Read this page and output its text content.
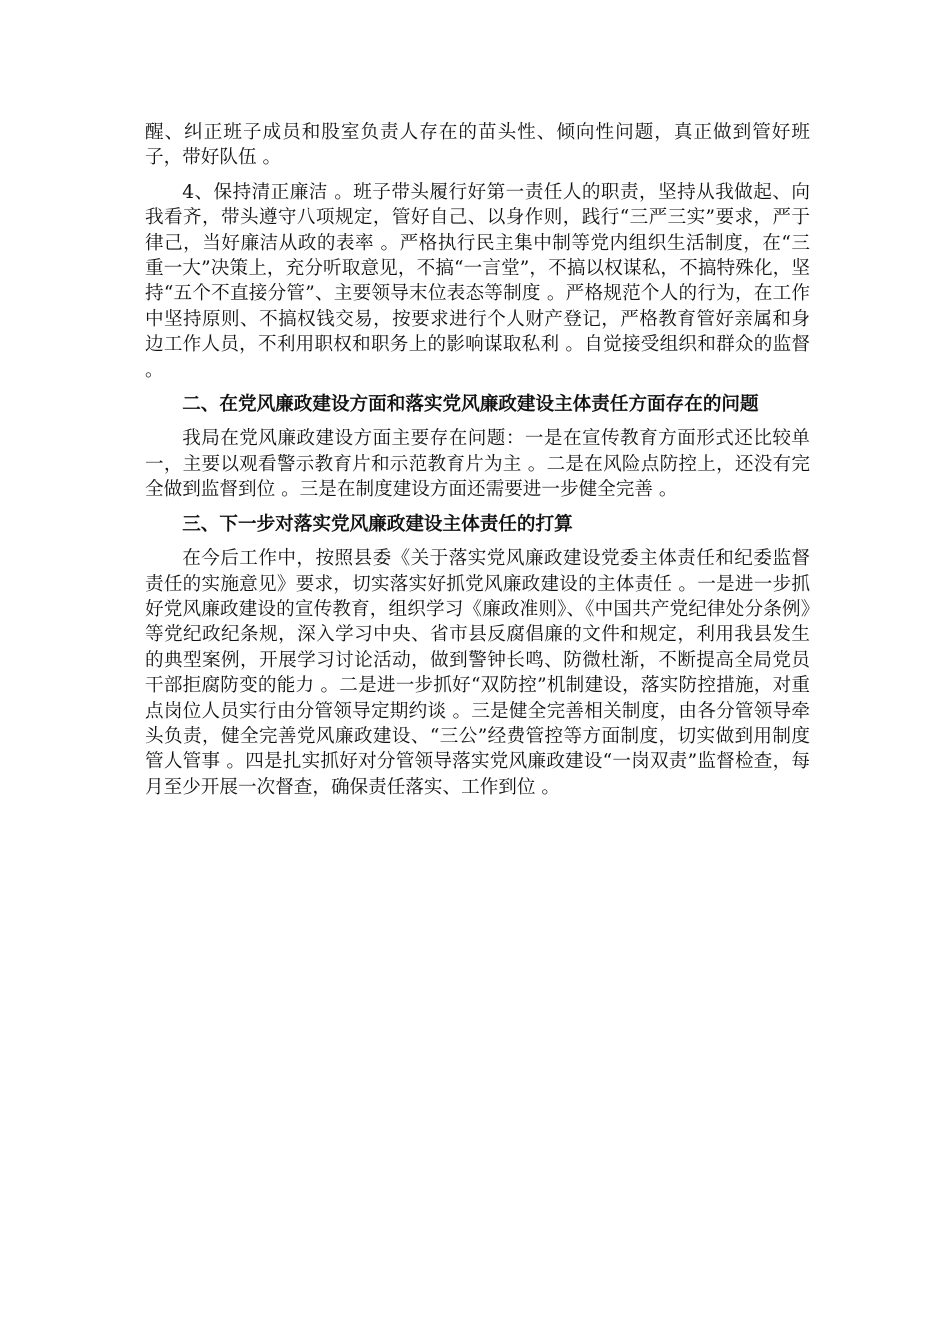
醒、纠正班子成员和股室负责人存在的苗头性、倾向性问题，真正做到管好班子，带好队伍 。

4、保持清正廉洁 。班子带头履行好第一责任人的职责，坚持从我做起、向我看齐，带头遵守八项规定，管好自己、以身作则，践行“三严三实”要求，严于律己，当好廉洁从政的表率 。严格执行民主集中制等党内组织生活制度，在“三重一大”决策上，充分听取意见，不搞“一言堂”，不搞以权谋私，不搞特殊化，坚持“五个不直接分管”、主要领导末位表态等制度 。严格规范个人的行为，在工作中坚持原则、不搞权钱交易，按要求进行个人财产登记，严格教育管好亲属和身边工作人员，不利用职权和职务上的影响谋取私利 。自觉接受组织和群众的监督 。

二、在党风廉政建设方面和落实党风廉政建设主体责任方面存在的问题

我局在党风廉政建设方面主要存在问题：一是在宣传教育方面形式还比较单一，主要以观看警示教育片和示范教育片为主 。二是在风险点防控上，还没有完全做到监督到位 。三是在制度建设方面还需要进一步健全完善 。

三、下一步对落实党风廉政建设主体责任的打算

在今后工作中，按照县委《关于落实党风廉政建设党委主体责任和纪委监督责任的实施意见》要求，切实落实好抓党风廉政建设的主体责任 。一是进一步抓好党风廉政建设的宣传教育，组织学习《廉政准则》、《中国共产党纪律处分条例》等党纪政纪条规，深入学习中央、省市县反腐倡廉的文件和规定，利用我县发生的典型案例，开展学习讨论活动，做到警钟长鸣、防微杜渐，不断提高全局党员干部拒腐防变的能力 。二是进一步抓好“双防控”机制建设，落实防控措施，对重点岗位人员实行由分管领导定期约谈 。三是健全完善相关制度，由各分管领导牵头负责，健全完善党风廉政建设、“三公”经费管控等方面制度，切实做到用制度管人管事 。四是扎实抓好对分管领导落实党风廉政建设“一岗双责”监督检查，每月至少开展一次督查，确保责任落实、工作到位 。
